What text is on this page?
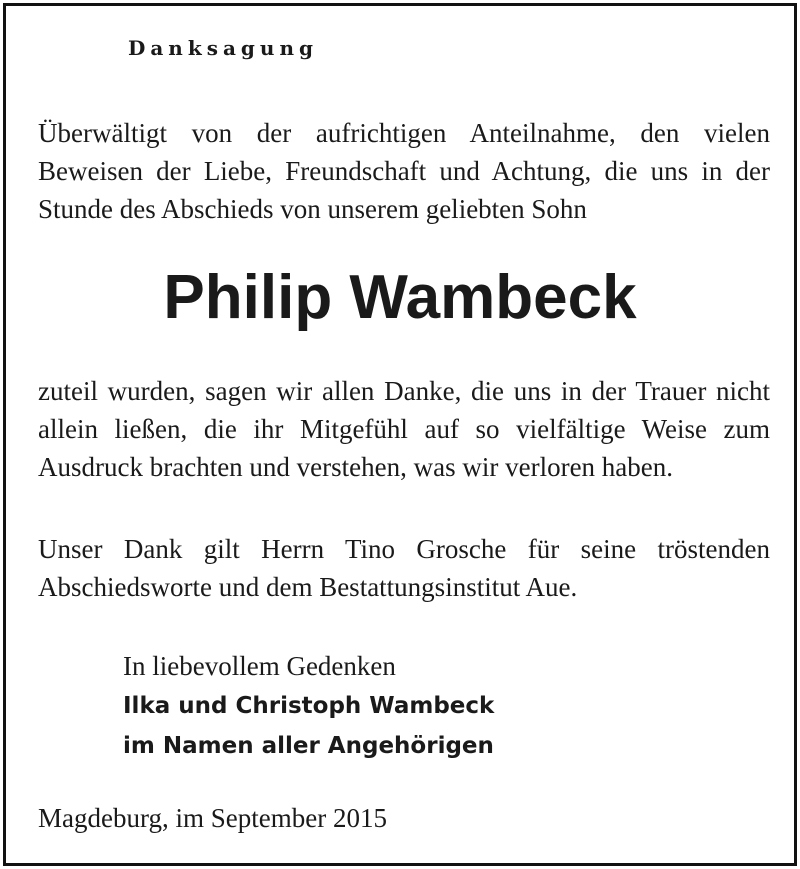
Danksagung

Überwältigt von der aufrichtigen Anteilnahme, den vielen Beweisen der Liebe, Freundschaft und Achtung, die uns in der Stunde des Abschieds von unserem geliebten Sohn

Philip Wambeck

zuteil wurden, sagen wir allen Danke, die uns in der Trauer nicht allein ließen, die ihr Mitgefühl auf so vielfältige Weise zum Ausdruck brachten und verstehen, was wir verloren haben.

Unser Dank gilt Herrn Tino Grosche für seine tröstenden Abschiedsworte und dem Bestattungsinstitut Aue.

In liebevollem Gedenken
Ilka und Christoph Wambeck
im Namen aller Angehörigen

Magdeburg, im September 2015
